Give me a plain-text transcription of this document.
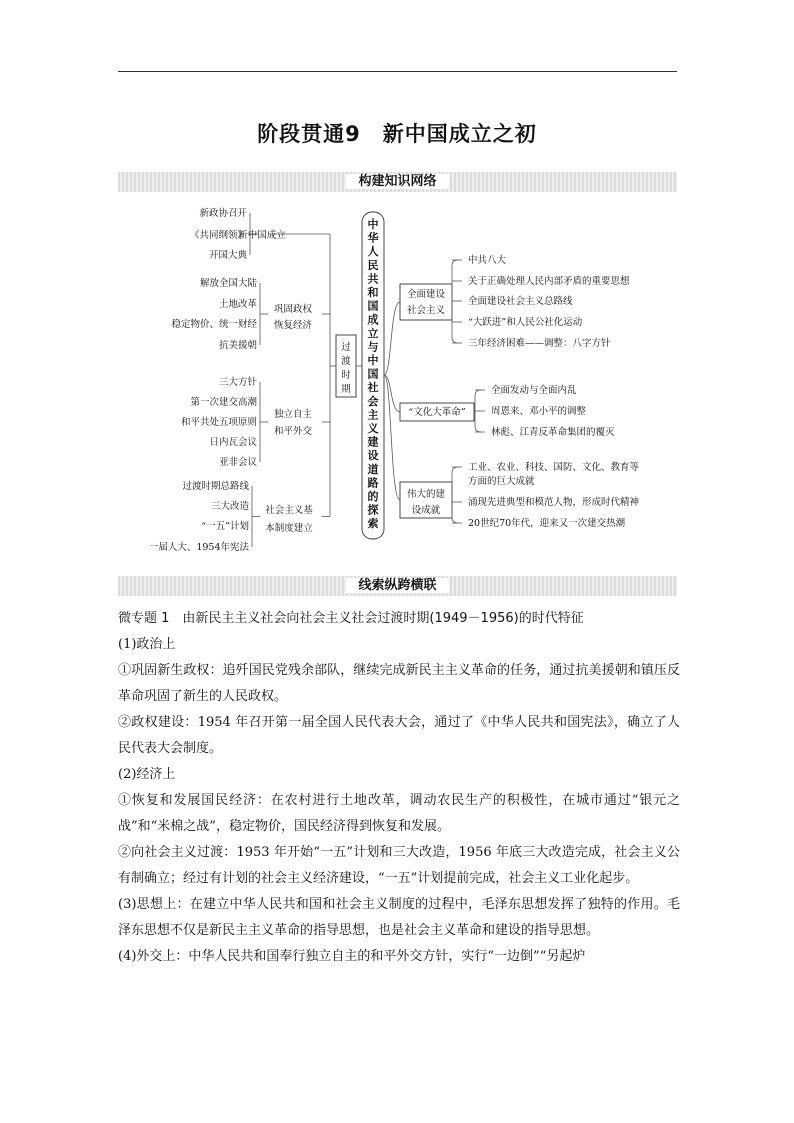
阶段贯通9　新中国成立之初
构建知识网络
新政协召开
《共同纲领》
开国大典
新中国成立
解放全国大陆
土地改革
稳定物价、统一财经
抗美援朝
巩固政权
恢复经济
三大方针
第一次建交高潮
和平共处五项原则
日内瓦会议
亚非会议
独立自主
和平外交
过渡时期总路线
三大改造
“一五”计划
一届人大、1954年宪法
社会主义基
本制度建立
过
渡
时
期
中
华
人
民
共
和
国
成
立
与
中
国
社
会
主
义
建
设
道
路
的
探
索
全面建设
社会主义
中共八大
关于正确处理人民内部矛盾的重要思想
全面建设社会主义总路线
“大跃进”和人民公社化运动
三年经济困难——调整：八字方针
“文化大革命”
全面发动与全面内乱
周恩来、邓小平的调整
林彪、江青反革命集团的覆灭
伟大的建
设成就
工业、农业、科技、国防、文化、教育等
方面的巨大成就
涌现先进典型和模范人物，形成时代精神
20世纪70年代，迎来又一次建交热潮
线索纵跨横联

微专题 1　由新民主主义社会向社会主义社会过渡时期(1949－1956)的时代特征

(1)政治上

①巩固新生政权：追歼国民党残余部队，继续完成新民主主义革命的任务，通过抗美援朝和镇压反革命巩固了新生的人民政权。

②政权建设：1954 年召开第一届全国人民代表大会，通过了《中华人民共和国宪法》，确立了人民代表大会制度。

(2)经济上

①恢复和发展国民经济：在农村进行土地改革，调动农民生产的积极性，在城市通过“银元之战”和“米棉之战”，稳定物价，国民经济得到恢复和发展。

②向社会主义过渡：1953 年开始“一五”计划和三大改造，1956 年底三大改造完成，社会主义公有制确立；经过有计划的社会主义经济建设，“一五”计划提前完成，社会主义工业化起步。

(3)思想上：在建立中华人民共和国和社会主义制度的过程中，毛泽东思想发挥了独特的作用。毛泽东思想不仅是新民主主义革命的指导思想，也是社会主义革命和建设的指导思想。

(4)外交上：中华人民共和国奉行独立自主的和平外交方针，实行“一边倒”“另起炉
